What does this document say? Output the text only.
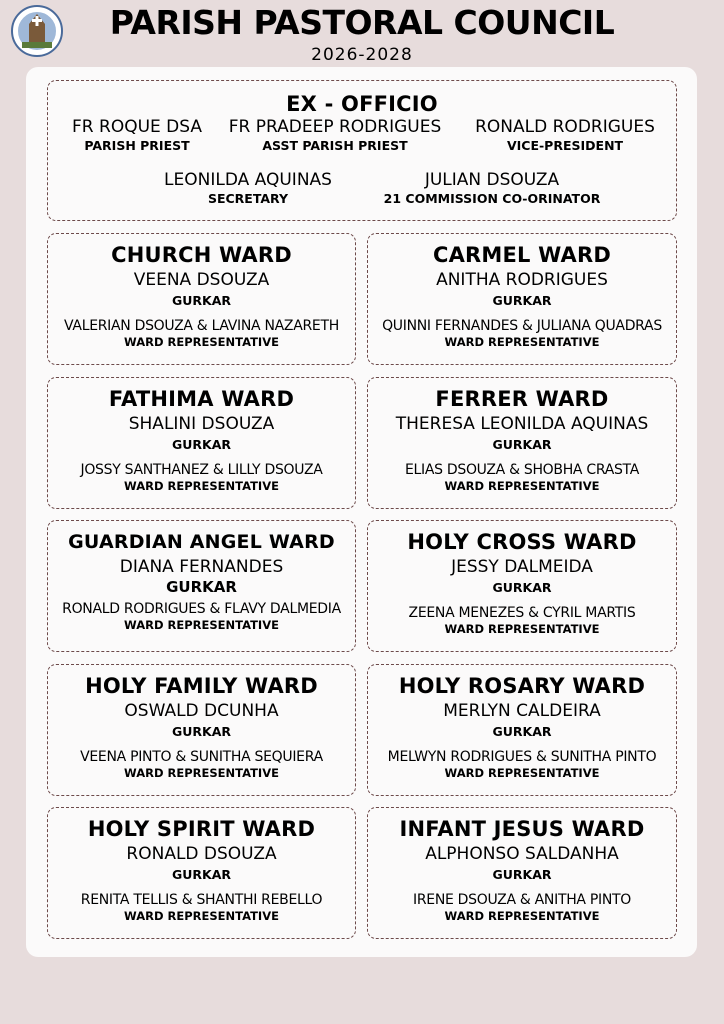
PARISH PASTORAL COUNCIL
2026-2028
EX - OFFICIO
FR ROQUE DSA
PARISH PRIEST
FR PRADEEP RODRIGUES
ASST PARISH PRIEST
RONALD RODRIGUES
VICE-PRESIDENT
LEONILDA AQUINAS
SECRETARY
JULIAN DSOUZA
21 COMMISSION CO-ORINATOR
CHURCH WARD
VEENA DSOUZA
GURKAR
VALERIAN DSOUZA & LAVINA NAZARETH
WARD REPRESENTATIVE
CARMEL WARD
ANITHA RODRIGUES
GURKAR
QUINNI FERNANDES & JULIANA QUADRAS
WARD REPRESENTATIVE
FATHIMA WARD
SHALINI DSOUZA
GURKAR
JOSSY SANTHANEZ & LILLY DSOUZA
WARD REPRESENTATIVE
FERRER WARD
THERESA LEONILDA AQUINAS
GURKAR
ELIAS DSOUZA & SHOBHA CRASTA
WARD REPRESENTATIVE
GUARDIAN ANGEL WARD
DIANA FERNANDES
GURKAR
RONALD RODRIGUES & FLAVY DALMEDIA
WARD REPRESENTATIVE
HOLY CROSS WARD
JESSY DALMEIDA
GURKAR
ZEENA MENEZES & CYRIL MARTIS
WARD REPRESENTATIVE
HOLY FAMILY WARD
OSWALD DCUNHA
GURKAR
VEENA PINTO & SUNITHA SEQUIERA
WARD REPRESENTATIVE
HOLY ROSARY WARD
MERLYN CALDEIRA
GURKAR
MELWYN RODRIGUES & SUNITHA PINTO
WARD REPRESENTATIVE
HOLY SPIRIT WARD
RONALD DSOUZA
GURKAR
RENITA TELLIS & SHANTHI REBELLO
WARD REPRESENTATIVE
INFANT JESUS WARD
ALPHONSO SALDANHA
GURKAR
IRENE DSOUZA & ANITHA PINTO
WARD REPRESENTATIVE
